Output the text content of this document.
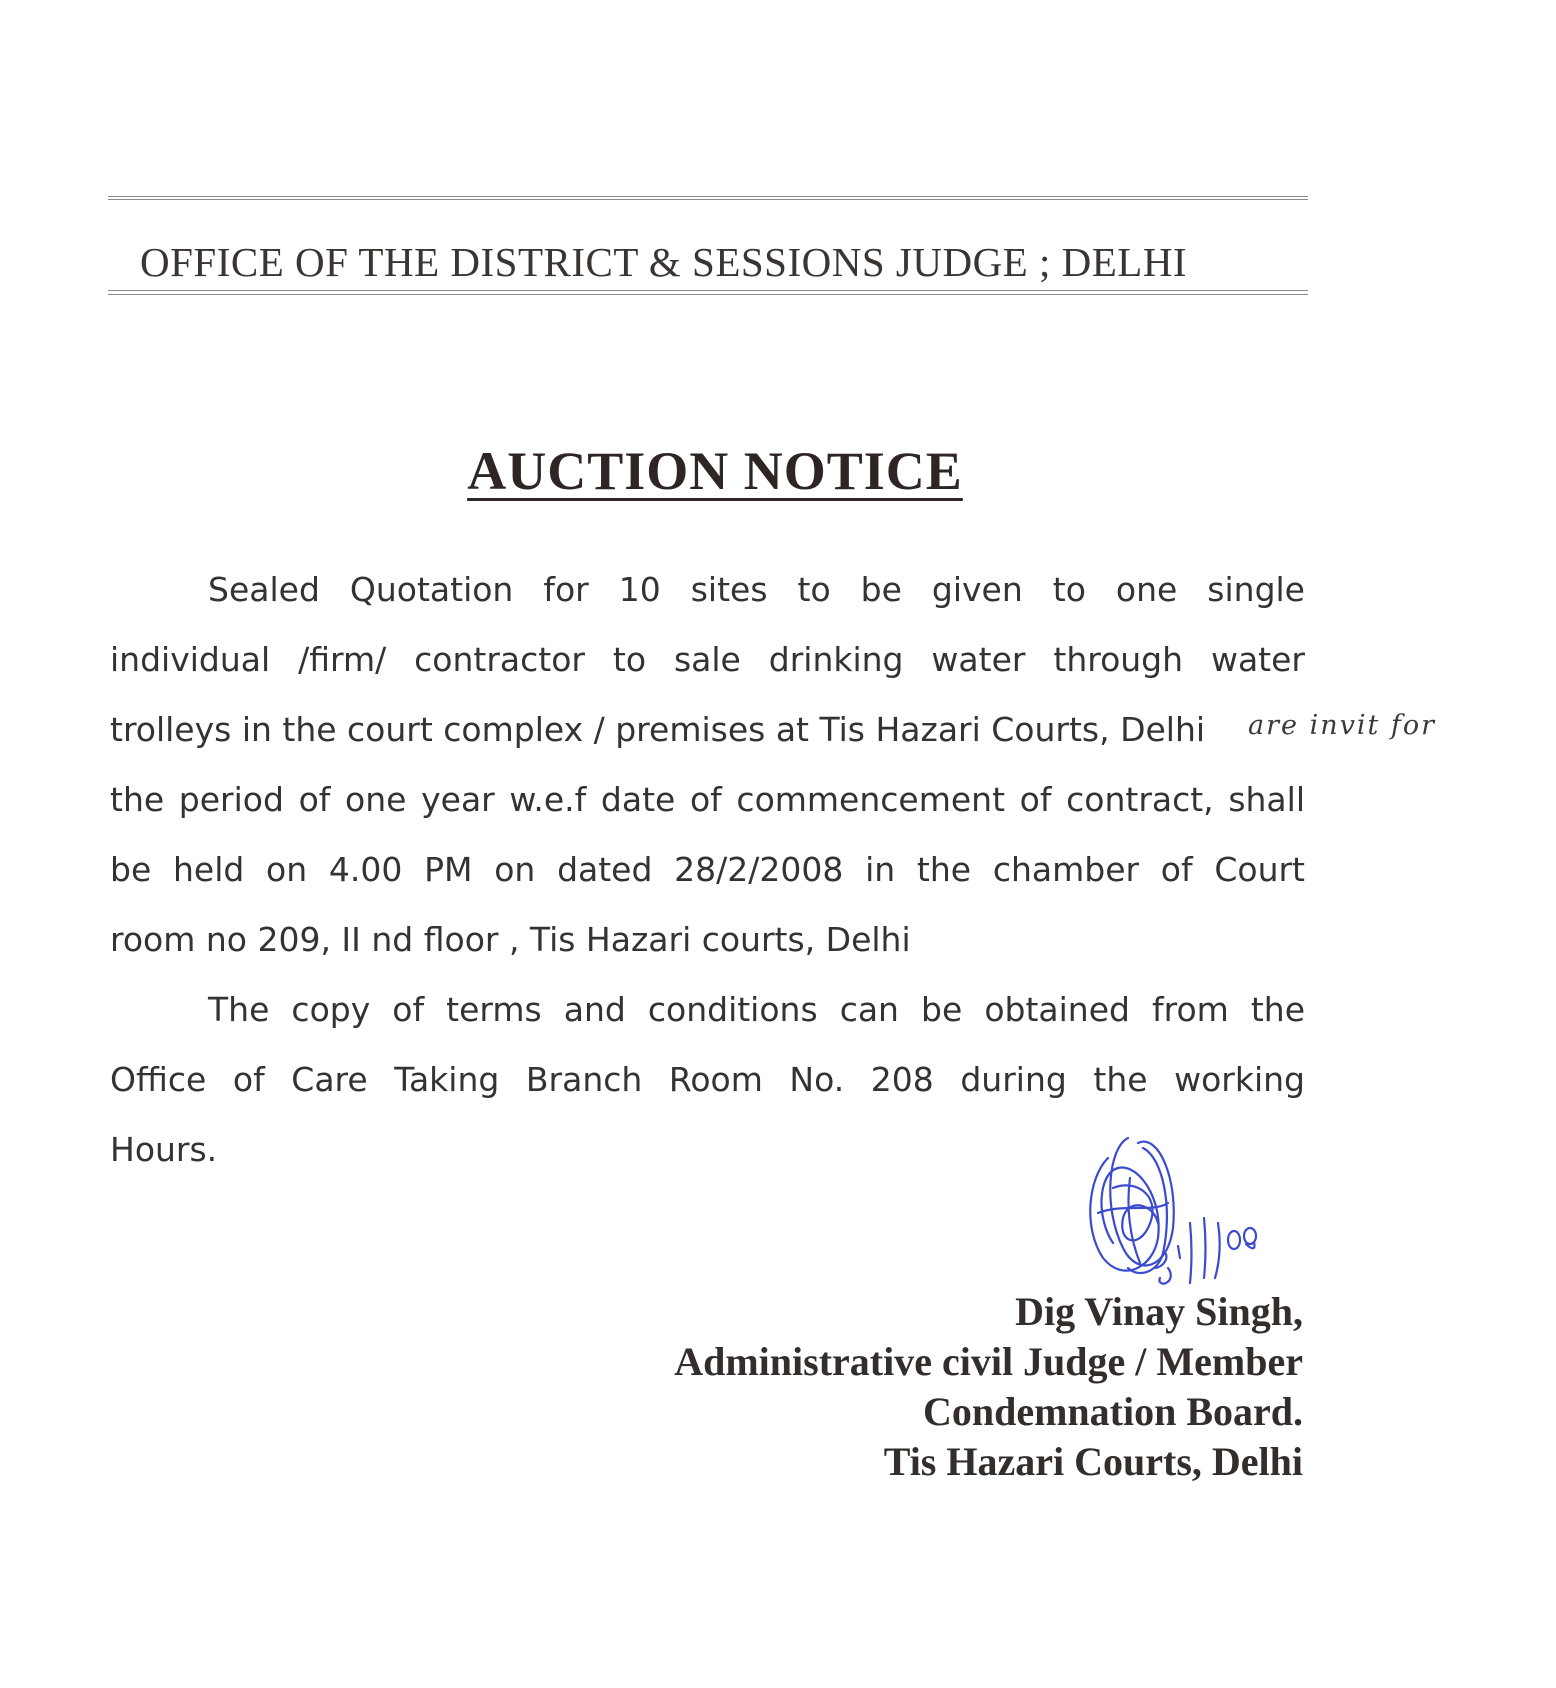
OFFICE OF THE DISTRICT & SESSIONS JUDGE ; DELHI
AUCTION NOTICE
Sealed Quotation for 10 sites to be given to one single
individual /firm/ contractor to sale drinking water through water
trolleys in the court complex / premises at Tis Hazari Courts, Delhi	are invit for
the period of one year w.e.f date of commencement of contract, shall
be held on 4.00 PM on dated 28/2/2008 in the chamber of Court
room no 209, II nd floor , Tis Hazari courts, Delhi
The copy of terms and conditions can be obtained from the
Office of Care Taking Branch Room No. 208 during the working
Hours.
Dig Vinay Singh,
Administrative civil Judge / Member
Condemnation Board.
Tis Hazari Courts, Delhi
